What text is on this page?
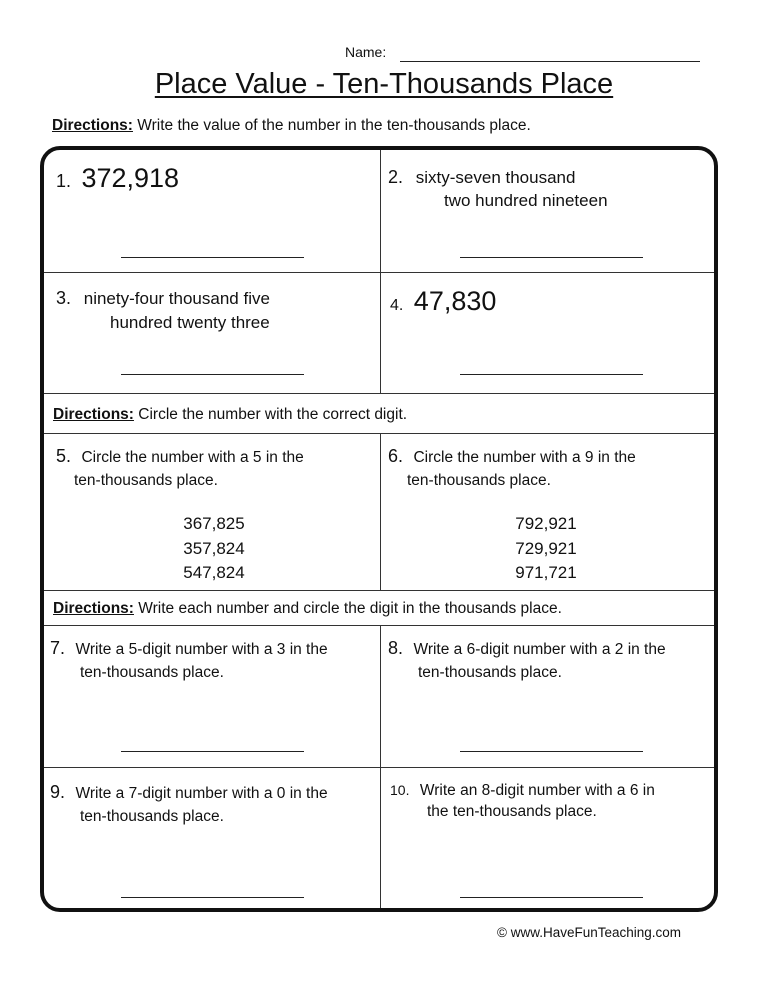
Name:
Place Value - Ten-Thousands Place
Directions: Write the value of the number in the ten-thousands place.
1. 372,918	2. sixty-seven thousand
two hundred nineteen
3. ninety-four thousand five
hundred twenty three
4. 47,830
Directions: Circle the number with the correct digit.
5. Circle the number with a 5 in the
ten-thousands place.
367,825
357,824
547,824
6. Circle the number with a 9 in the
ten-thousands place.
792,921
729,921
971,721
Directions: Write each number and circle the digit in the thousands place.
7. Write a 5-digit number with a 3 in the
ten-thousands place.
8. Write a 6-digit number with a 2 in the
ten-thousands place.
9. Write a 7-digit number with a 0 in the
ten-thousands place.
10. Write an 8-digit number with a 6 in
the ten-thousands place.
© www.HaveFunTeaching.com
